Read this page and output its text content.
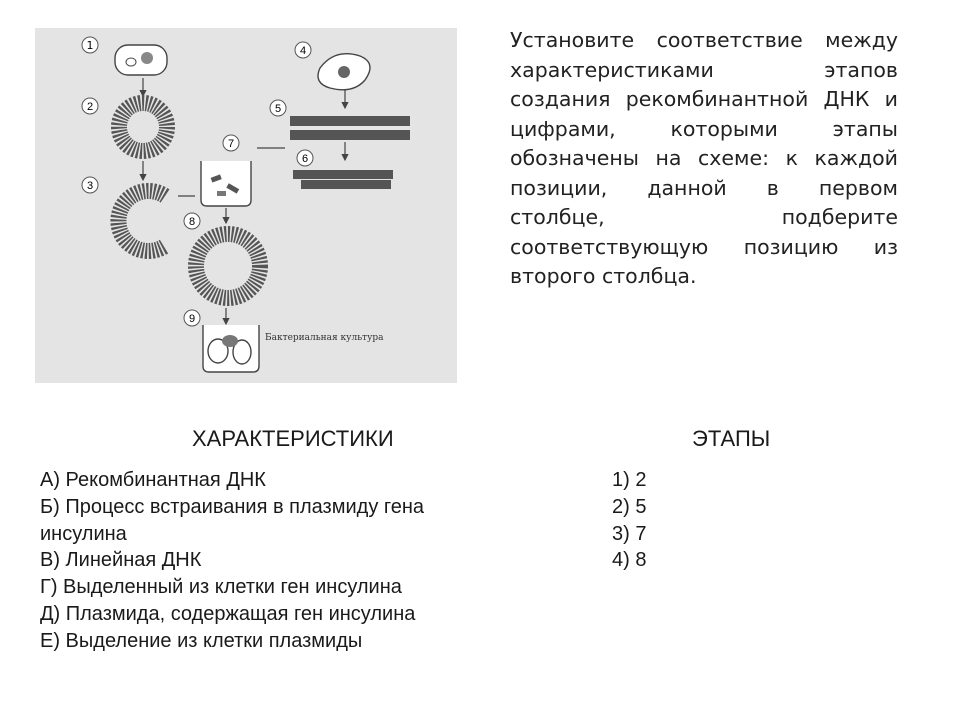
1
2
3
4
5
6
7
8
9
Бактериальная культура
Установите соответствие между характеристиками этапов создания рекомбинантной ДНК и цифрами, которыми этапы обозначены на схеме: к каждой позиции, данной в первом столбце, подберите соответствующую позицию из второго столбца.
ХАРАКТЕРИСТИКИ	ЭТАПЫ
А) Рекомбинантная ДНК
Б) Процесс встраивания в плазмиду гена
инсулина
В) Линейная ДНК
Г) Выделенный из клетки ген инсулина
Д) Плазмида, содержащая ген инсулина
Е) Выделение из клетки плазмиды
1) 2
2) 5
3) 7
4) 8
